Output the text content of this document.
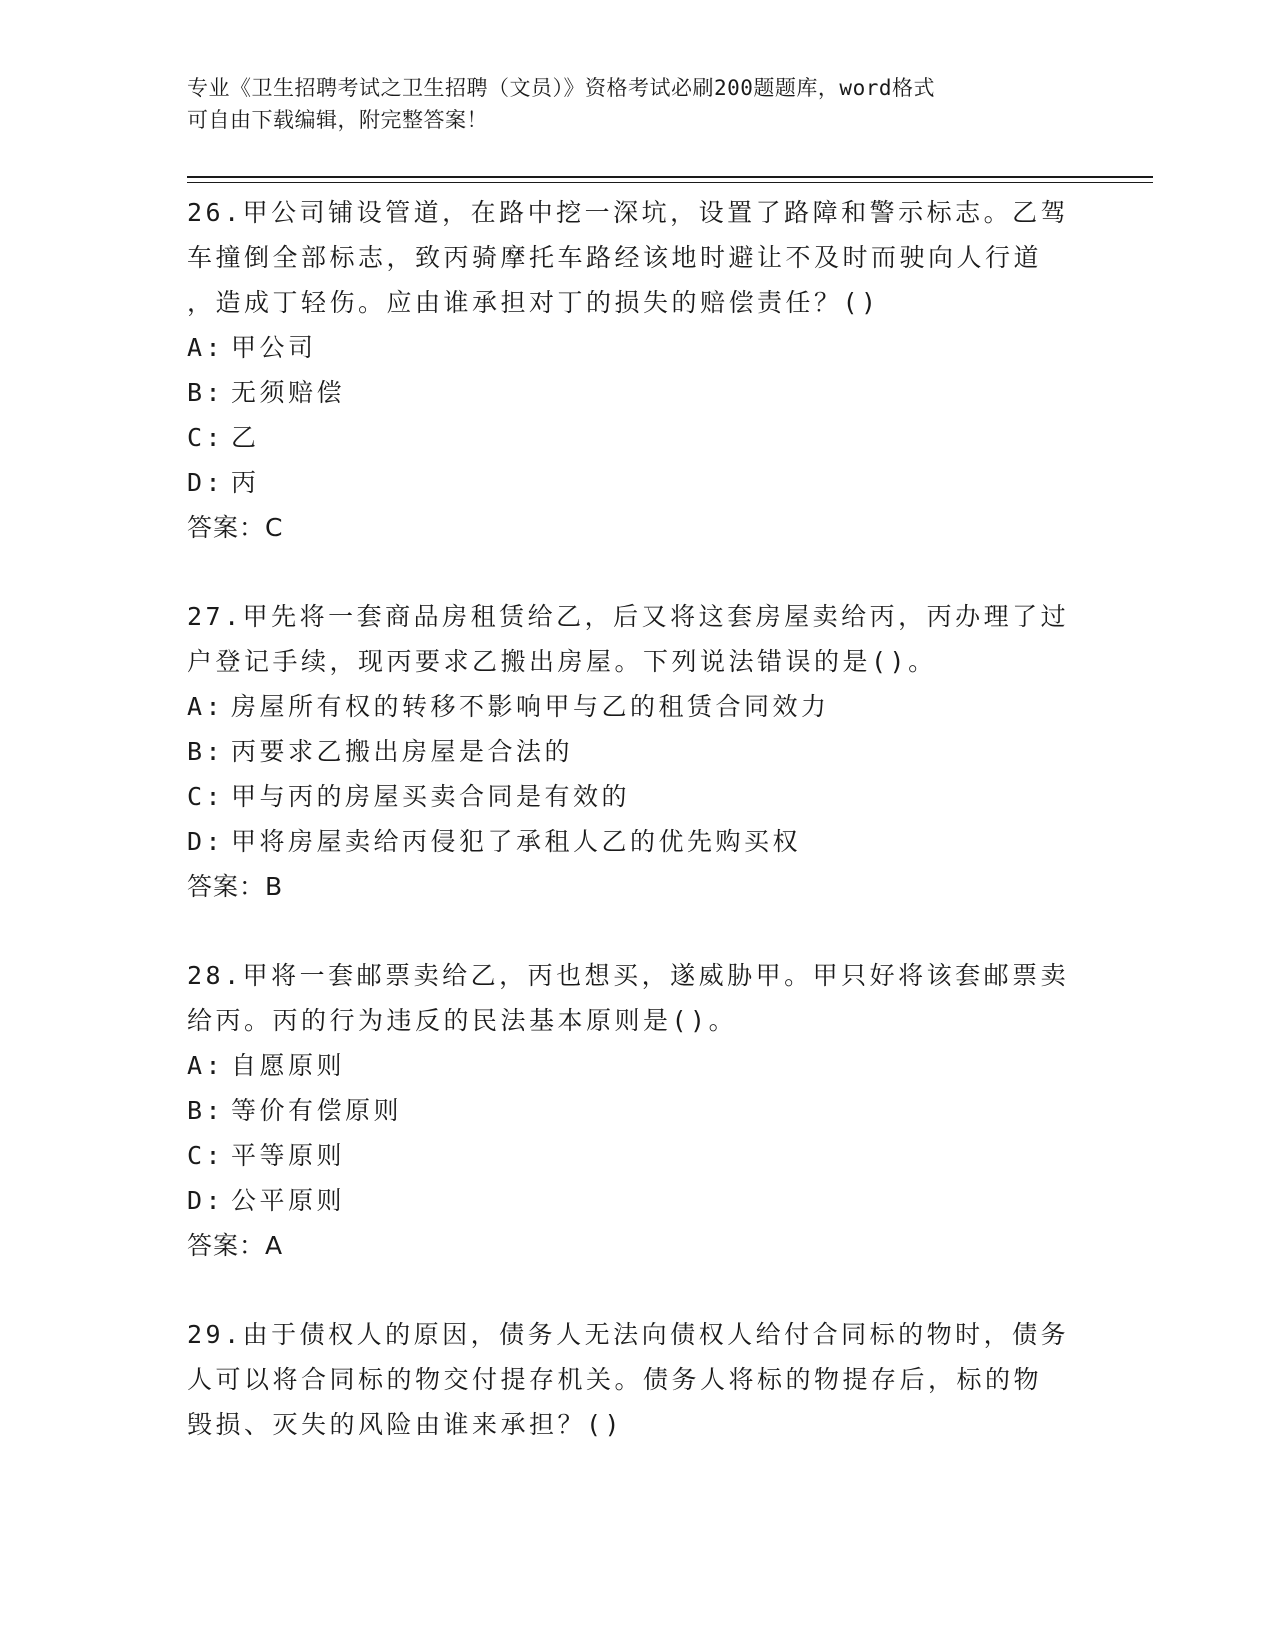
专业《卫生招聘考试之卫生招聘（文员）》资格考试必刷200题题库，word格式
可自由下载编辑，附完整答案！

26.甲公司铺设管道，在路中挖一深坑，设置了路障和警示标志。乙驾

车撞倒全部标志，致丙骑摩托车路经该地时避让不及时而驶向人行道

，造成丁轻伤。应由谁承担对丁的损失的赔偿责任？()

A: 甲公司

B: 无须赔偿

C: 乙

D: 丙

答案：C

27.甲先将一套商品房租赁给乙，后又将这套房屋卖给丙，丙办理了过

户登记手续，现丙要求乙搬出房屋。下列说法错误的是()。

A: 房屋所有权的转移不影响甲与乙的租赁合同效力

B: 丙要求乙搬出房屋是合法的

C: 甲与丙的房屋买卖合同是有效的

D: 甲将房屋卖给丙侵犯了承租人乙的优先购买权

答案：B

28.甲将一套邮票卖给乙，丙也想买，遂威胁甲。甲只好将该套邮票卖

给丙。丙的行为违反的民法基本原则是()。

A: 自愿原则

B: 等价有偿原则

C: 平等原则

D: 公平原则

答案：A

29.由于债权人的原因，债务人无法向债权人给付合同标的物时，债务

人可以将合同标的物交付提存机关。债务人将标的物提存后，标的物

毁损、灭失的风险由谁来承担？()
